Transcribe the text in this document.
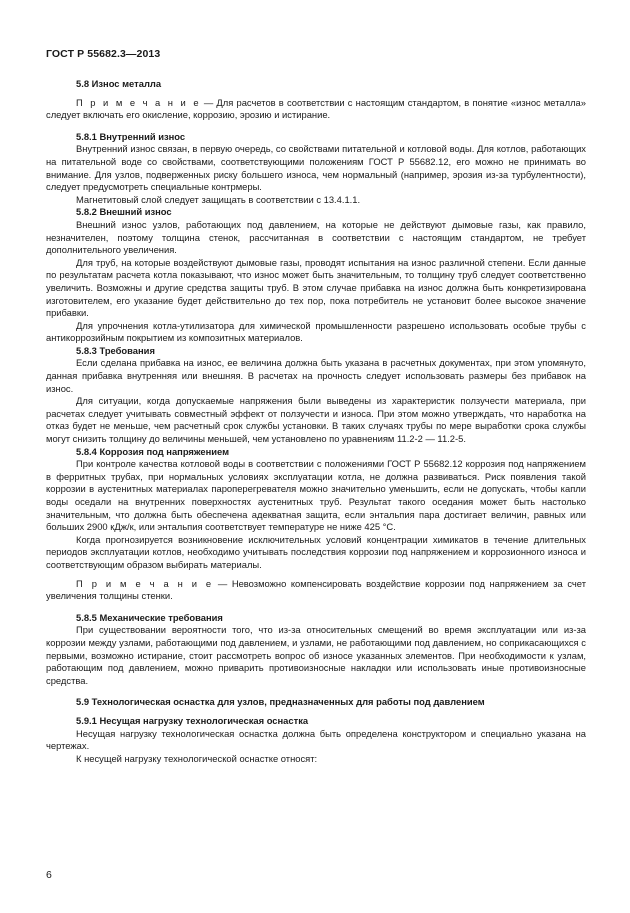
ГОСТ Р 55682.3—2013
5.8 Износ металла
П р и м е ч а н и е — Для расчетов в соответствии с настоящим стандартом, в понятие «износ металла» следует включать его окисление, коррозию, эрозию и истирание.
5.8.1 Внутренний износ
Внутренний износ связан, в первую очередь, со свойствами питательной и котловой воды. Для котлов, работающих на питательной воде со свойствами, соответствующими положениям ГОСТ Р 55682.12, его можно не принимать во внимание. Для узлов, подверженных риску большего износа, чем нормальный (например, эрозия из-за турбулентности), следует предусмотреть специальные контрмеры.
Магнетитовый слой следует защищать в соответствии с 13.4.1.1.
5.8.2 Внешний износ
Внешний износ узлов, работающих под давлением, на которые не действуют дымовые газы, как правило, незначителен, поэтому толщина стенок, рассчитанная в соответствии с настоящим стандартом, не требует дополнительного увеличения.
Для труб, на которые воздействуют дымовые газы, проводят испытания на износ различной степени. Если данные по результатам расчета котла показывают, что износ может быть значительным, то толщину труб следует соответственно увеличить. Возможны и другие средства защиты труб. В этом случае прибавка на износ должна быть конкретизирована изготовителем, его указание будет действительно до тех пор, пока потребитель не установит более высокое значение прибавки.
Для упрочнения котла-утилизатора для химической промышленности разрешено использовать особые трубы с антикоррозийным покрытием из композитных материалов.
5.8.3 Требования
Если сделана прибавка на износ, ее величина должна быть указана в расчетных документах, при этом упомянуто, данная прибавка внутренняя или внешняя. В расчетах на прочность следует использовать размеры без прибавок на износ.
Для ситуации, когда допускаемые напряжения были выведены из характеристик ползучести материала, при расчетах следует учитывать совместный эффект от ползучести и износа. При этом можно утверждать, что наработка на отказ будет не меньше, чем расчетный срок службы установки. В таких случаях трубы по мере выработки срока службы могут снизить толщину до величины меньшей, чем установлено по уравнениям 11.2-2 — 11.2-5.
5.8.4 Коррозия под напряжением
При контроле качества котловой воды в соответствии с положениями ГОСТ Р 55682.12 коррозия под напряжением в ферритных трубах, при нормальных условиях эксплуатации котла, не должна развиваться. Риск появления такой коррозии в аустенитных материалах пароперегревателя можно значительно уменьшить, если не допускать, чтобы капли воды оседали на внутренних поверхностях аустенитных труб. Результат такого оседания может быть настолько значительным, что должна быть обеспечена адекватная защита, если энтальпия пара достигает величин, равных или больших 2900 кДж/к, или энтальпия соответствует температуре не ниже 425 °C.
Когда прогнозируется возникновение исключительных условий концентрации химикатов в течение длительных периодов эксплуатации котлов, необходимо учитывать последствия коррозии под напряжением и коррозионного износа и соответствующим образом выбирать материалы.
П р и м е ч а н и е — Невозможно компенсировать воздействие коррозии под напряжением за счет увеличения толщины стенки.
5.8.5 Механические требования
При существовании вероятности того, что из-за относительных смещений во время эксплуатации или из-за коррозии между узлами, работающими под давлением, и узлами, не работающими под давлением, но соприкасающихся с первыми, возможно истирание, стоит рассмотреть вопрос об износе указанных элементов. При необходимости к узлам, работающим под давлением, можно приварить противоизносные накладки или использовать иные противоизносные средства.
5.9 Технологическая оснастка для узлов, предназначенных для работы под давлением
5.9.1 Несущая нагрузку технологическая оснастка
Несущая нагрузку технологическая оснастка должна быть определена конструктором и специально указана на чертежах.
К несущей нагрузку технологической оснастке относят:
6
